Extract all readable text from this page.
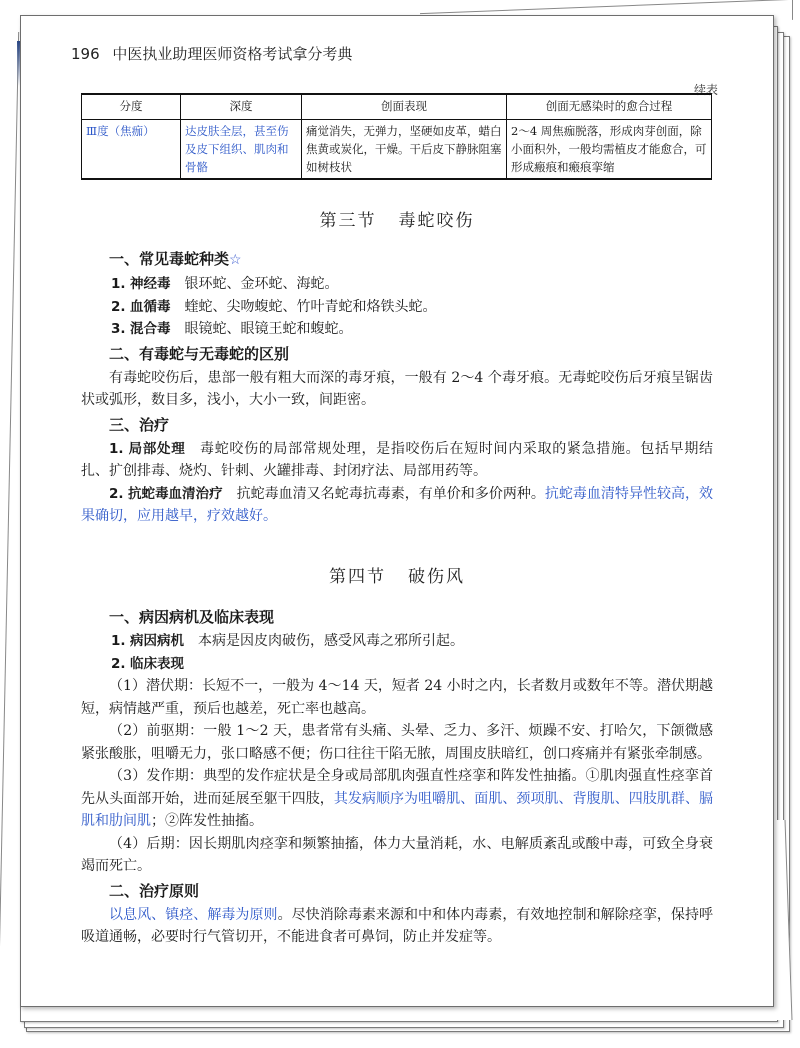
196 中医执业助理医师资格考试拿分考典
续表
分度	深度	创面表现	创面无感染时的愈合过程
Ⅲ度（焦痂）	达皮肤全层，甚至伤及皮下组织、肌肉和骨骼	痛觉消失，无弹力，坚硬如皮革，蜡白焦黄或炭化，干燥。干后皮下静脉阻塞如树枝状	2～4 周焦痂脱落，形成肉芽创面，除小面积外，一般均需植皮才能愈合，可形成瘢痕和瘢痕挛缩
第三节 毒蛇咬伤

一、常见毒蛇种类☆

1. 神经毒 银环蛇、金环蛇、海蛇。

2. 血循毒 蝰蛇、尖吻蝮蛇、竹叶青蛇和烙铁头蛇。

3. 混合毒 眼镜蛇、眼镜王蛇和蝮蛇。

二、有毒蛇与无毒蛇的区别

有毒蛇咬伤后，患部一般有粗大而深的毒牙痕，一般有 2～4 个毒牙痕。无毒蛇咬伤后牙痕呈锯齿状或弧形，数目多，浅小，大小一致，间距密。

三、治疗

1. 局部处理 毒蛇咬伤的局部常规处理，是指咬伤后在短时间内采取的紧急措施。包括早期结扎、扩创排毒、烧灼、针刺、火罐排毒、封闭疗法、局部用药等。

2. 抗蛇毒血清治疗 抗蛇毒血清又名蛇毒抗毒素，有单价和多价两种。抗蛇毒血清特异性较高，效果确切，应用越早，疗效越好。

第四节 破伤风

一、病因病机及临床表现

1. 病因病机 本病是因皮肉破伤，感受风毒之邪所引起。

2. 临床表现

（1）潜伏期：长短不一，一般为 4～14 天，短者 24 小时之内，长者数月或数年不等。潜伏期越短，病情越严重，预后也越差，死亡率也越高。

（2）前驱期：一般 1～2 天，患者常有头痛、头晕、乏力、多汗、烦躁不安、打哈欠，下颌微感紧张酸胀，咀嚼无力，张口略感不便；伤口往往干陷无脓，周围皮肤暗红，创口疼痛并有紧张牵制感。

（3）发作期：典型的发作症状是全身或局部肌肉强直性痉挛和阵发性抽搐。①肌肉强直性痉挛首先从头面部开始，进而延展至躯干四肢，其发病顺序为咀嚼肌、面肌、颈项肌、背腹肌、四肢肌群、膈肌和肋间肌；②阵发性抽搐。

（4）后期：因长期肌肉痉挛和频繁抽搐，体力大量消耗，水、电解质紊乱或酸中毒，可致全身衰竭而死亡。

二、治疗原则

以息风、镇痉、解毒为原则。尽快消除毒素来源和中和体内毒素，有效地控制和解除痉挛，保持呼吸道通畅，必要时行气管切开，不能进食者可鼻饲，防止并发症等。
